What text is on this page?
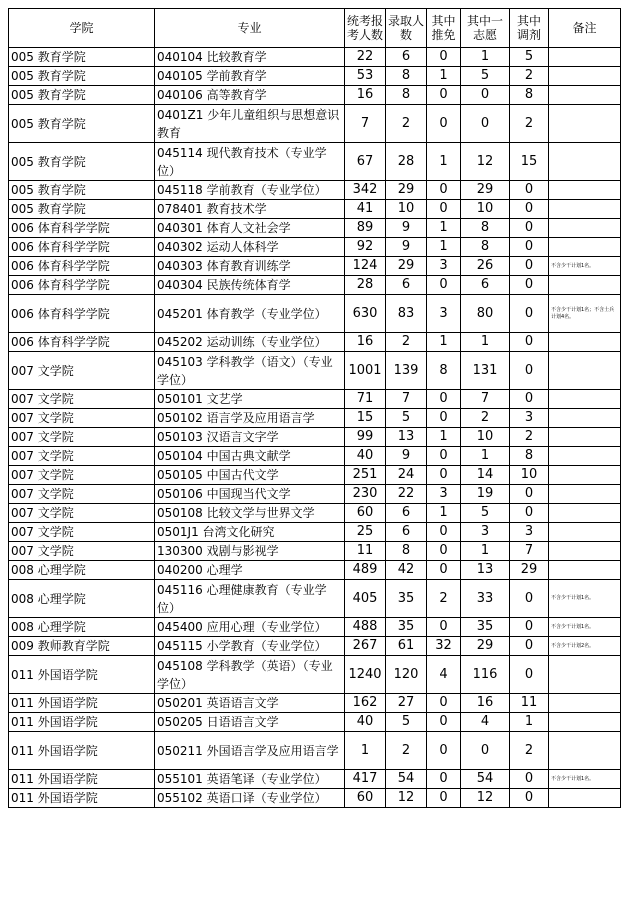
学院	专业	统考报考人数	录取人数	其中推免	其中一志愿	其中调剂	备注
005 教育学院	040104 比较教育学	22	6	0	1	5	
005 教育学院	040105 学前教育学	53	8	1	5	2	
005 教育学院	040106 高等教育学	16	8	0	0	8	
005 教育学院	0401Z1 少年儿童组织与思想意识教育	7	2	0	0	2	
005 教育学院	045114 现代教育技术（专业学位）	67	28	1	12	15	
005 教育学院	045118 学前教育（专业学位）	342	29	0	29	0	
005 教育学院	078401 教育技术学	41	10	0	10	0	
006 体育科学学院	040301 体育人文社会学	89	9	1	8	0	
006 体育科学学院	040302 运动人体科学	92	9	1	8	0	
006 体育科学学院	040303 体育教育训练学	124	29	3	26	0	不含少干计划1名。
006 体育科学学院	040304 民族传统体育学	28	6	0	6	0	
006 体育科学学院	045201 体育教学（专业学位）	630	83	3	80	0	不含少干计划1名；不含士兵计划4名。
006 体育科学学院	045202 运动训练（专业学位）	16	2	1	1	0	
007 文学院	045103 学科教学（语文）（专业学位）	1001	139	8	131	0	
007 文学院	050101 文艺学	71	7	0	7	0	
007 文学院	050102 语言学及应用语言学	15	5	0	2	3	
007 文学院	050103 汉语言文字学	99	13	1	10	2	
007 文学院	050104 中国古典文献学	40	9	0	1	8	
007 文学院	050105 中国古代文学	251	24	0	14	10	
007 文学院	050106 中国现当代文学	230	22	3	19	0	
007 文学院	050108 比较文学与世界文学	60	6	1	5	0	
007 文学院	0501J1 台湾文化研究	25	6	0	3	3	
007 文学院	130300 戏剧与影视学	11	8	0	1	7	
008 心理学院	040200 心理学	489	42	0	13	29	
008 心理学院	045116 心理健康教育（专业学位）	405	35	2	33	0	不含少干计划1名。
008 心理学院	045400 应用心理（专业学位）	488	35	0	35	0	不含少干计划1名。
009 教师教育学院	045115 小学教育（专业学位）	267	61	32	29	0	不含少干计划2名。
011 外国语学院	045108 学科教学（英语）（专业学位）	1240	120	4	116	0	
011 外国语学院	050201 英语语言文学	162	27	0	16	11	
011 外国语学院	050205 日语语言文学	40	5	0	4	1	
011 外国语学院	050211 外国语言学及应用语言学	1	2	0	0	2	
011 外国语学院	055101 英语笔译（专业学位）	417	54	0	54	0	不含少干计划1名。
011 外国语学院	055102 英语口译（专业学位）	60	12	0	12	0	
